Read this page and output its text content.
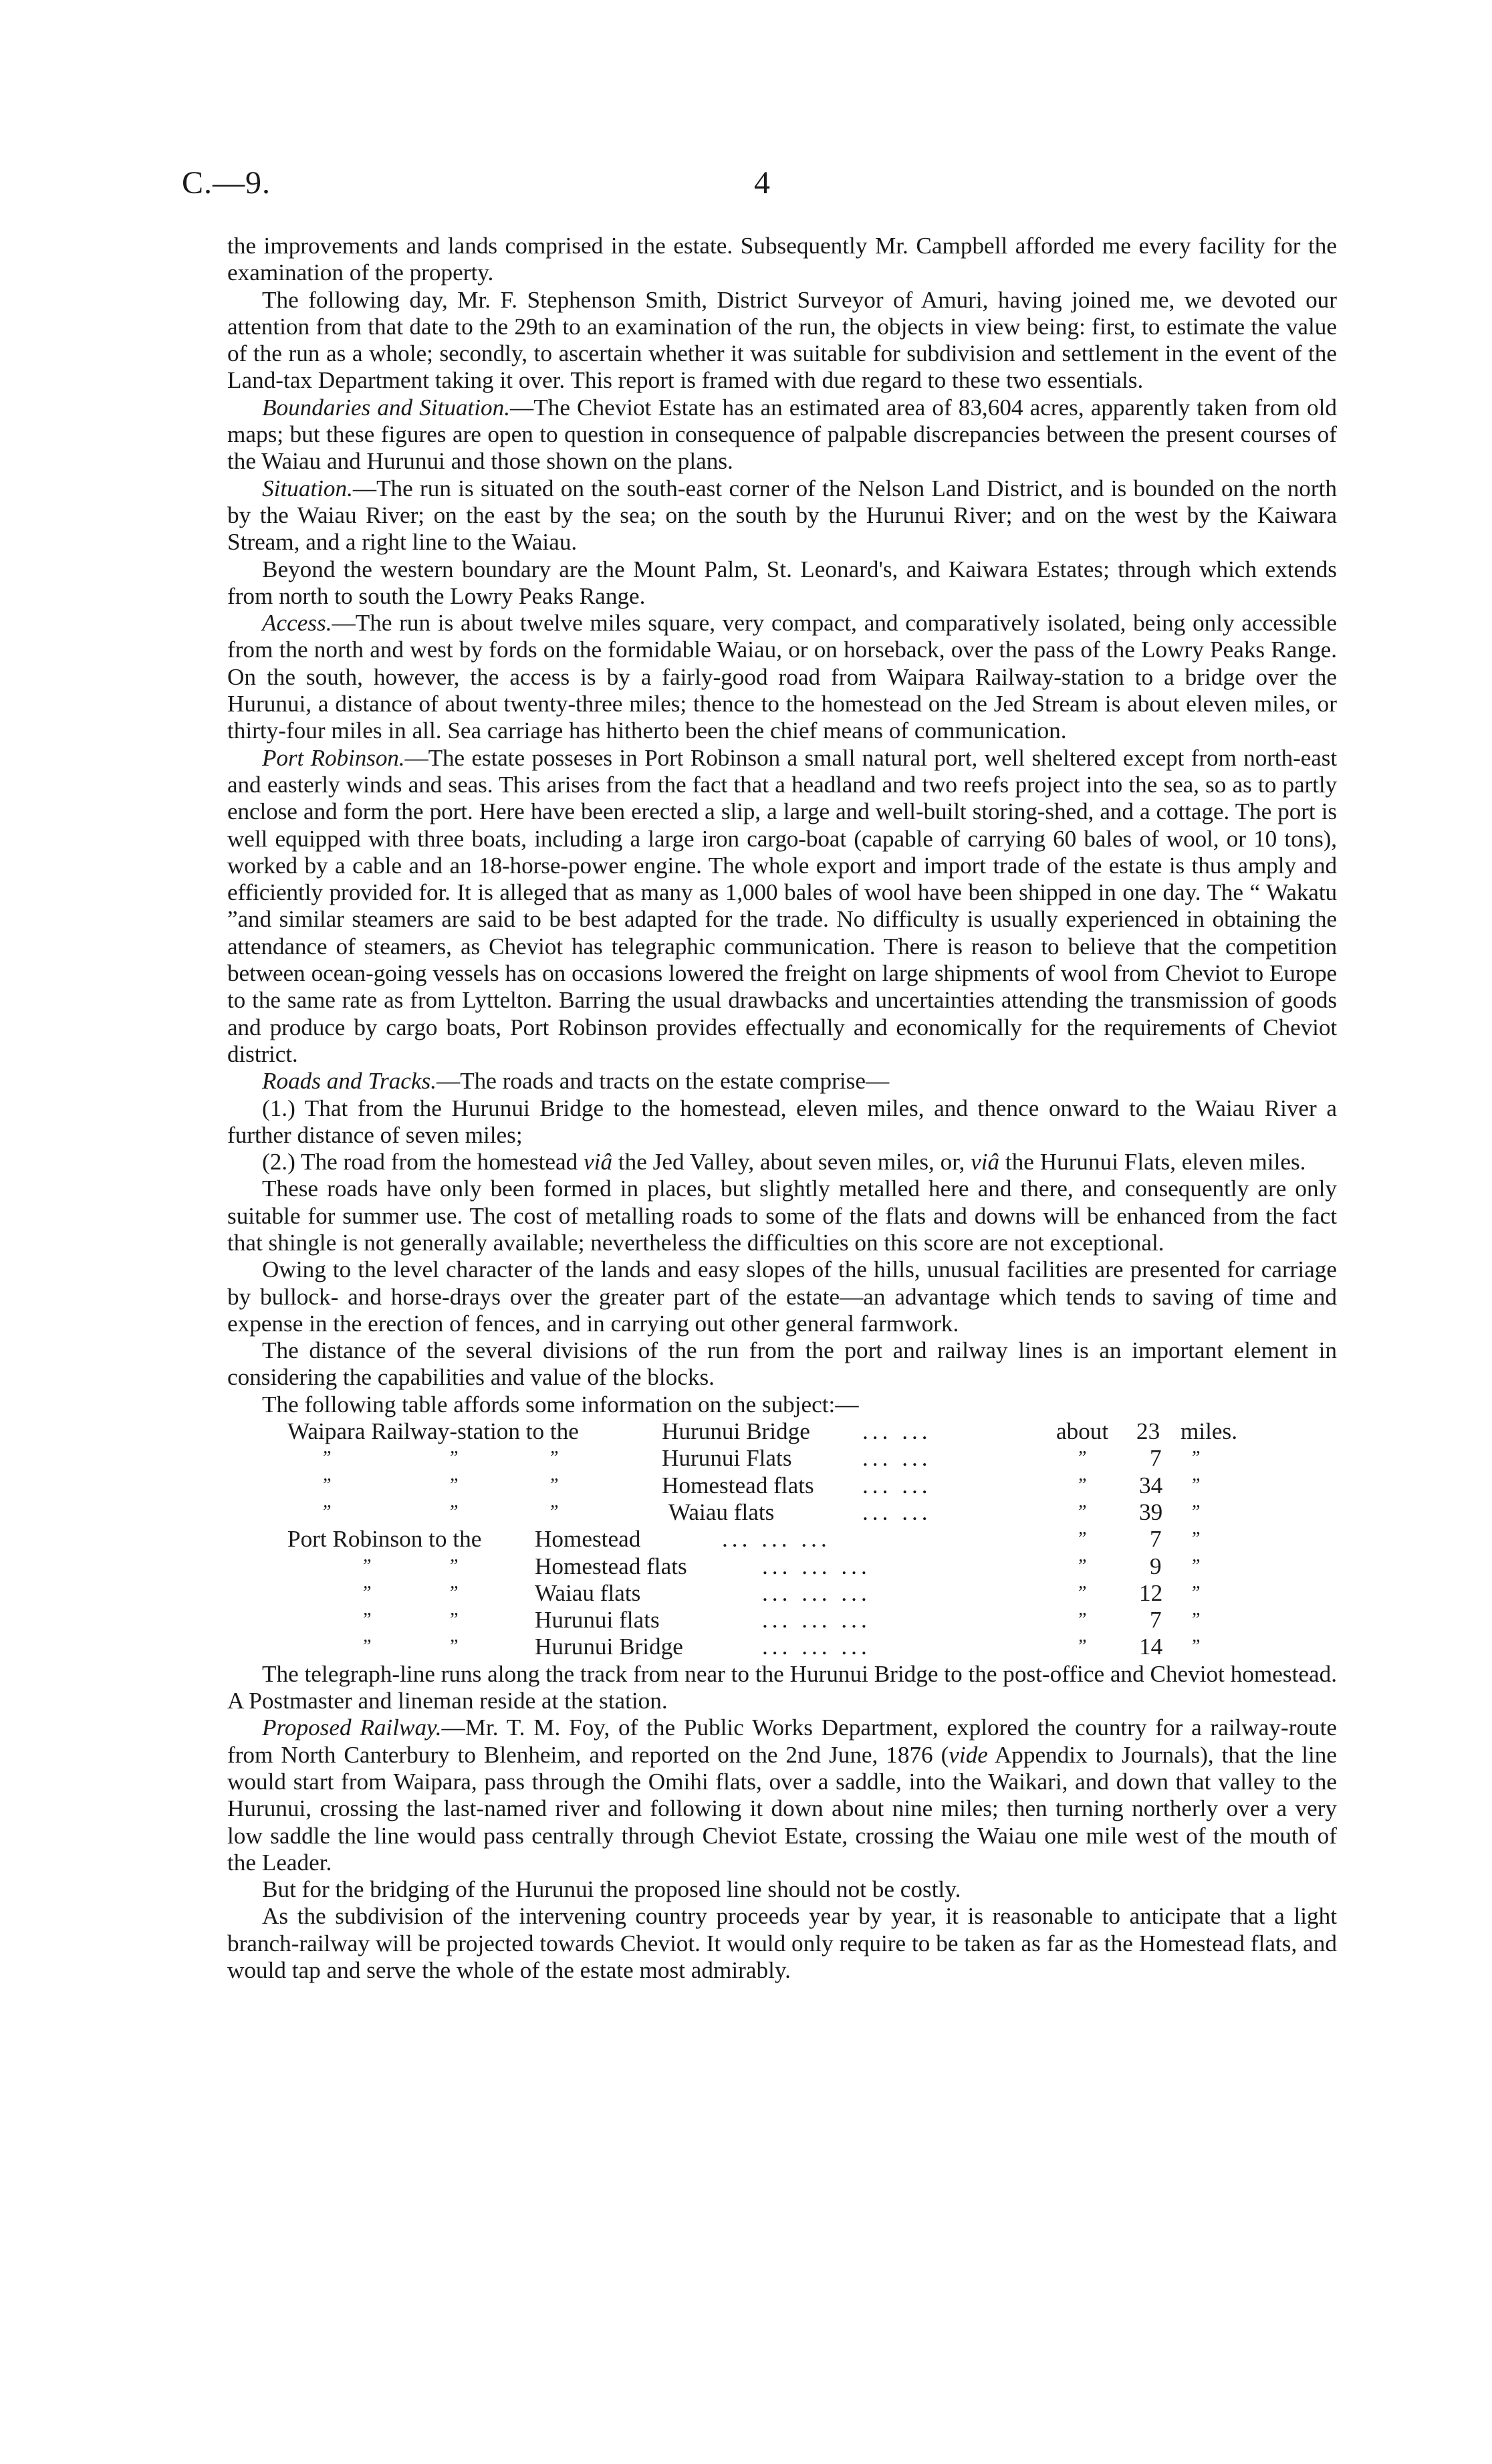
C.—9.	4

the improvements and lands comprised in the estate. Subsequently Mr. Campbell afforded me every facility for the examination of the property.

The following day, Mr. F. Stephenson Smith, District Surveyor of Amuri, having joined me, we devoted our attention from that date to the 29th to an examination of the run, the objects in view being: first, to estimate the value of the run as a whole; secondly, to ascertain whether it was suitable for subdivision and settlement in the event of the Land-tax Department taking it over. This report is framed with due regard to these two essentials.

Boundaries and Situation.—The Cheviot Estate has an estimated area of 83,604 acres, apparently taken from old maps; but these figures are open to question in consequence of palpable discrepancies between the present courses of the Waiau and Hurunui and those shown on the plans.

Situation.—The run is situated on the south-east corner of the Nelson Land District, and is bounded on the north by the Waiau River; on the east by the sea; on the south by the Hurunui River; and on the west by the Kaiwara Stream, and a right line to the Waiau.

Beyond the western boundary are the Mount Palm, St. Leonard's, and Kaiwara Estates; through which extends from north to south the Lowry Peaks Range.

Access.—The run is about twelve miles square, very compact, and comparatively isolated, being only accessible from the north and west by fords on the formidable Waiau, or on horseback, over the pass of the Lowry Peaks Range. On the south, however, the access is by a fairly-good road from Waipara Railway-station to a bridge over the Hurunui, a distance of about twenty-three miles; thence to the homestead on the Jed Stream is about eleven miles, or thirty-four miles in all. Sea carriage has hitherto been the chief means of communication.

Port Robinson.—The estate posseses in Port Robinson a small natural port, well sheltered except from north-east and easterly winds and seas. This arises from the fact that a headland and two reefs project into the sea, so as to partly enclose and form the port. Here have been erected a slip, a large and well-built storing-shed, and a cottage. The port is well equipped with three boats, including a large iron cargo-boat (capable of carrying 60 bales of wool, or 10 tons), worked by a cable and an 18-horse-power engine. The whole export and import trade of the estate is thus amply and efficiently provided for. It is alleged that as many as 1,000 bales of wool have been shipped in one day. The “ Wakatu ”and similar steamers are said to be best adapted for the trade. No difficulty is usually experienced in obtaining the attendance of steamers, as Cheviot has telegraphic communication. There is reason to believe that the competition between ocean-going vessels has on occasions lowered the freight on large shipments of wool from Cheviot to Europe to the same rate as from Lyttelton. Barring the usual drawbacks and uncertainties attending the transmission of goods and produce by cargo boats, Port Robinson provides effectually and economically for the requirements of Cheviot district.

Roads and Tracks.—The roads and tracts on the estate comprise—

(1.) That from the Hurunui Bridge to the homestead, eleven miles, and thence onward to the Waiau River a further distance of seven miles;

(2.) The road from the homestead viâ the Jed Valley, about seven miles, or, viâ the Hurunui Flats, eleven miles.

These roads have only been formed in places, but slightly metalled here and there, and consequently are only suitable for summer use. The cost of metalling roads to some of the flats and downs will be enhanced from the fact that shingle is not generally available; nevertheless the difficulties on this score are not exceptional.

Owing to the level character of the lands and easy slopes of the hills, unusual facilities are presented for carriage by bullock- and horse-drays over the greater part of the estate—an advantage which tends to saving of time and expense in the erection of fences, and in carrying out other general farmwork.

The distance of the several divisions of the run from the port and railway lines is an important element in considering the capabilities and value of the blocks.

The following table affords some information on the subject:—

Waipara Railway-station to the	Hurunui Bridge ... ...	about 23 miles.
”	”	”	Hurunui Flats	... ...	”	7 ”
”	”	”	Homestead flats ... ...	” 34 ”
”	”	”	Waiau flats	... ...	” 39 ”
Port Robinson to the Homestead	... ... ...	”	7 ”
”	”	Homestead flats	... ... ...	”	9 ”
”	”	Waiau flats	... ... ...	” 12 ”
”	”	Hurunui flats	... ... ...	”	7 ”
”	”	Hurunui Bridge	... ... ...	” 14 ”

The telegraph-line runs along the track from near to the Hurunui Bridge to the post-office and Cheviot homestead. A Postmaster and lineman reside at the station.

Proposed Railway.—Mr. T. M. Foy, of the Public Works Department, explored the country for a railway-route from North Canterbury to Blenheim, and reported on the 2nd June, 1876 (vide Appendix to Journals), that the line would start from Waipara, pass through the Omihi flats, over a saddle, into the Waikari, and down that valley to the Hurunui, crossing the last-named river and following it down about nine miles; then turning northerly over a very low saddle the line would pass centrally through Cheviot Estate, crossing the Waiau one mile west of the mouth of the Leader.

But for the bridging of the Hurunui the proposed line should not be costly.

As the subdivision of the intervening country proceeds year by year, it is reasonable to anticipate that a light branch-railway will be projected towards Cheviot. It would only require to be taken as far as the Homestead flats, and would tap and serve the whole of the estate most admirably.
